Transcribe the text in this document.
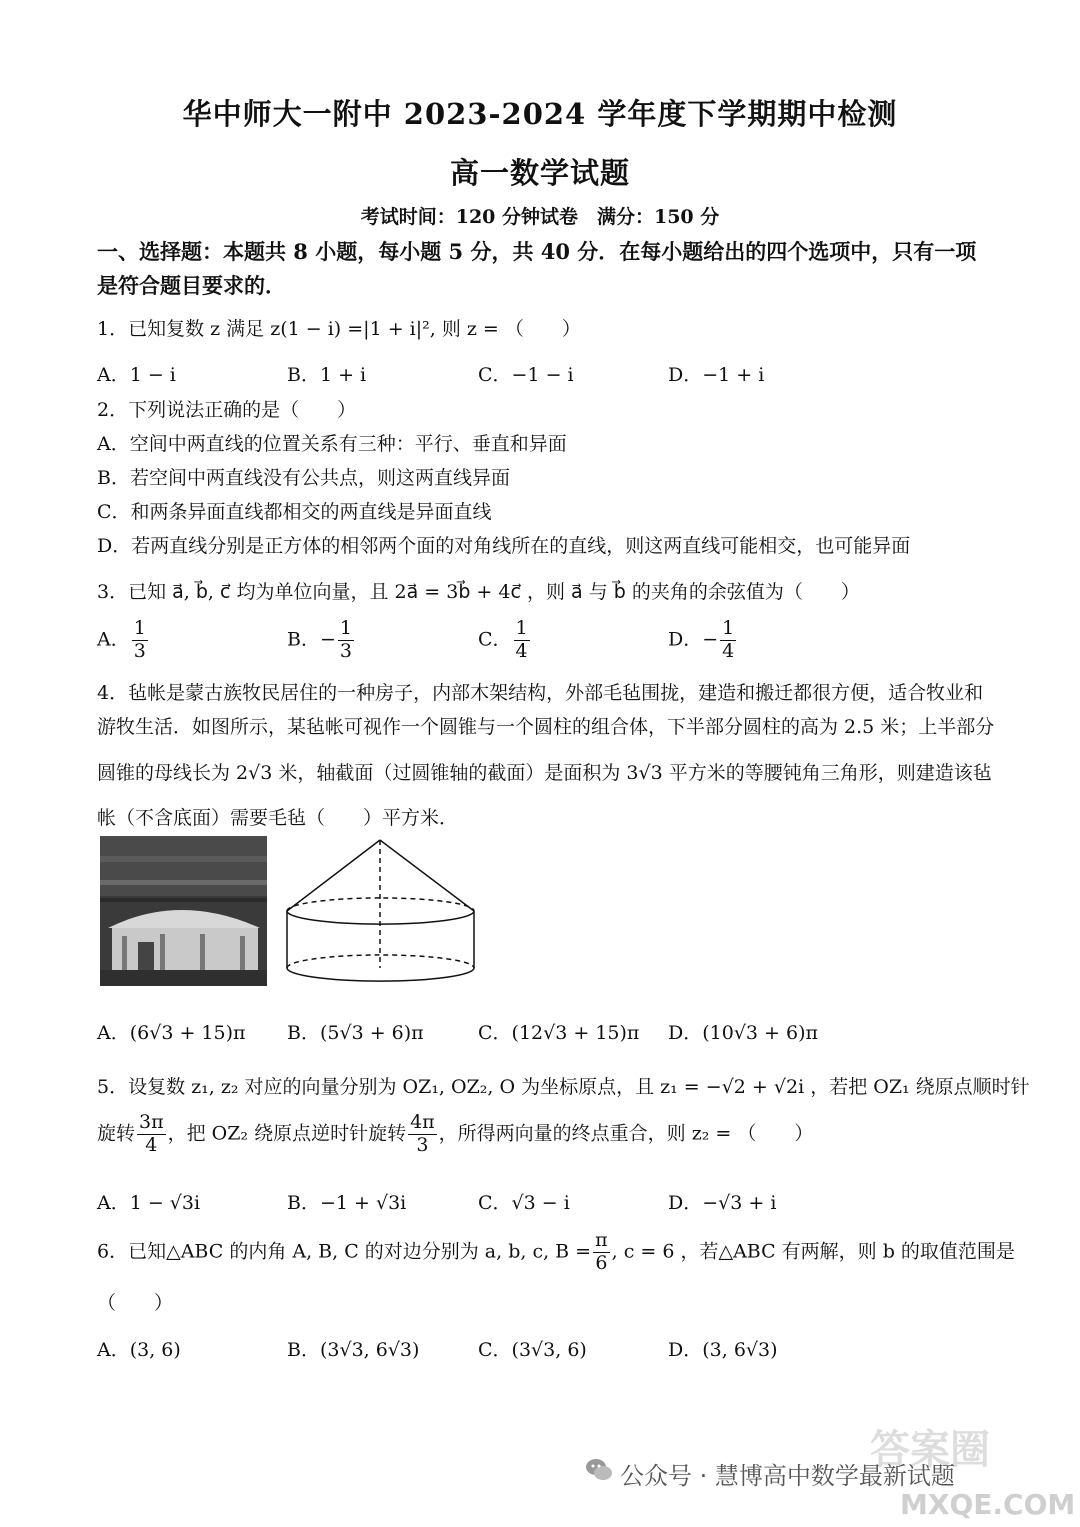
华中师大一附中 2023-2024 学年度下学期期中检测
高一数学试题
考试时间：120 分钟试卷　满分：150 分
一、选择题：本题共 8 小题，每小题 5 分，共 40 分．在每小题给出的四个选项中，只有一项
是符合题目要求的．
1．已知复数 z 满足 z(1 − i) =|1 + i|², 则 z = （　　）
A．1 − i	B．1 + i	C．−1 − i	D．−1 + i
2．下列说法正确的是（　　）
A．空间中两直线的位置关系有三种：平行、垂直和异面
B．若空间中两直线没有公共点，则这两直线异面
C．和两条异面直线都相交的两直线是异面直线
D．若两直线分别是正方体的相邻两个面的对角线所在的直线，则这两直线可能相交，也可能异面
3．已知 a⃗, b⃗, c⃗ 均为单位向量，且 2a⃗ = 3b⃗ + 4c⃗ ，则 a⃗ 与 b⃗ 的夹角的余弦值为（　　）
A． $\frac{1}{3}$	B．− $\frac{1}{3}$	C． $\frac{1}{4}$	D．− $\frac{1}{4}$
4．毡帐是蒙古族牧民居住的一种房子，内部木架结构，外部毛毡围拢，建造和搬迁都很方便，适合牧业和
游牧生活．如图所示，某毡帐可视作一个圆锥与一个圆柱的组合体，下半部分圆柱的高为 2.5 米；上半部分
圆锥的母线长为 2√3 米，轴截面（过圆锥轴的截面）是面积为 3√3 平方米的等腰钝角三角形，则建造该毡
帐（不含底面）需要毛毡（　　）平方米．
A．(6√3 + 15)π B．(5√3 + 6)π	C．(12√3 + 15)π D．(10√3 + 6)π
5．设复数 z₁, z₂ 对应的向量分别为 OZ₁, OZ₂, O 为坐标原点，且 z₁ = −√2 + √2i ，若把 OZ₁ 绕原点顺时针
旋转 $\frac{3\pi}{4}$ ，把 OZ₂ 绕原点逆时针旋转 $\frac{4\pi}{3}$ ，所得两向量的终点重合，则 z₂ = （　　）
A．1 − √3i	B．−1 + √3i	C．√3 − i	D．−√3 + i
6．已知△ABC 的内角 A, B, C 的对边分别为 a, b, c, $B = \frac{\pi}{6}$ , c = 6 ，若△ABC 有两解，则 b 的取值范围是
（　　）
A．(3, 6)	B．(3√3, 6√3)	C．(3√3, 6)	D．(3, 6√3)
答案圈
公众号 · 慧博高中数学最新试题
MXQE.COM
